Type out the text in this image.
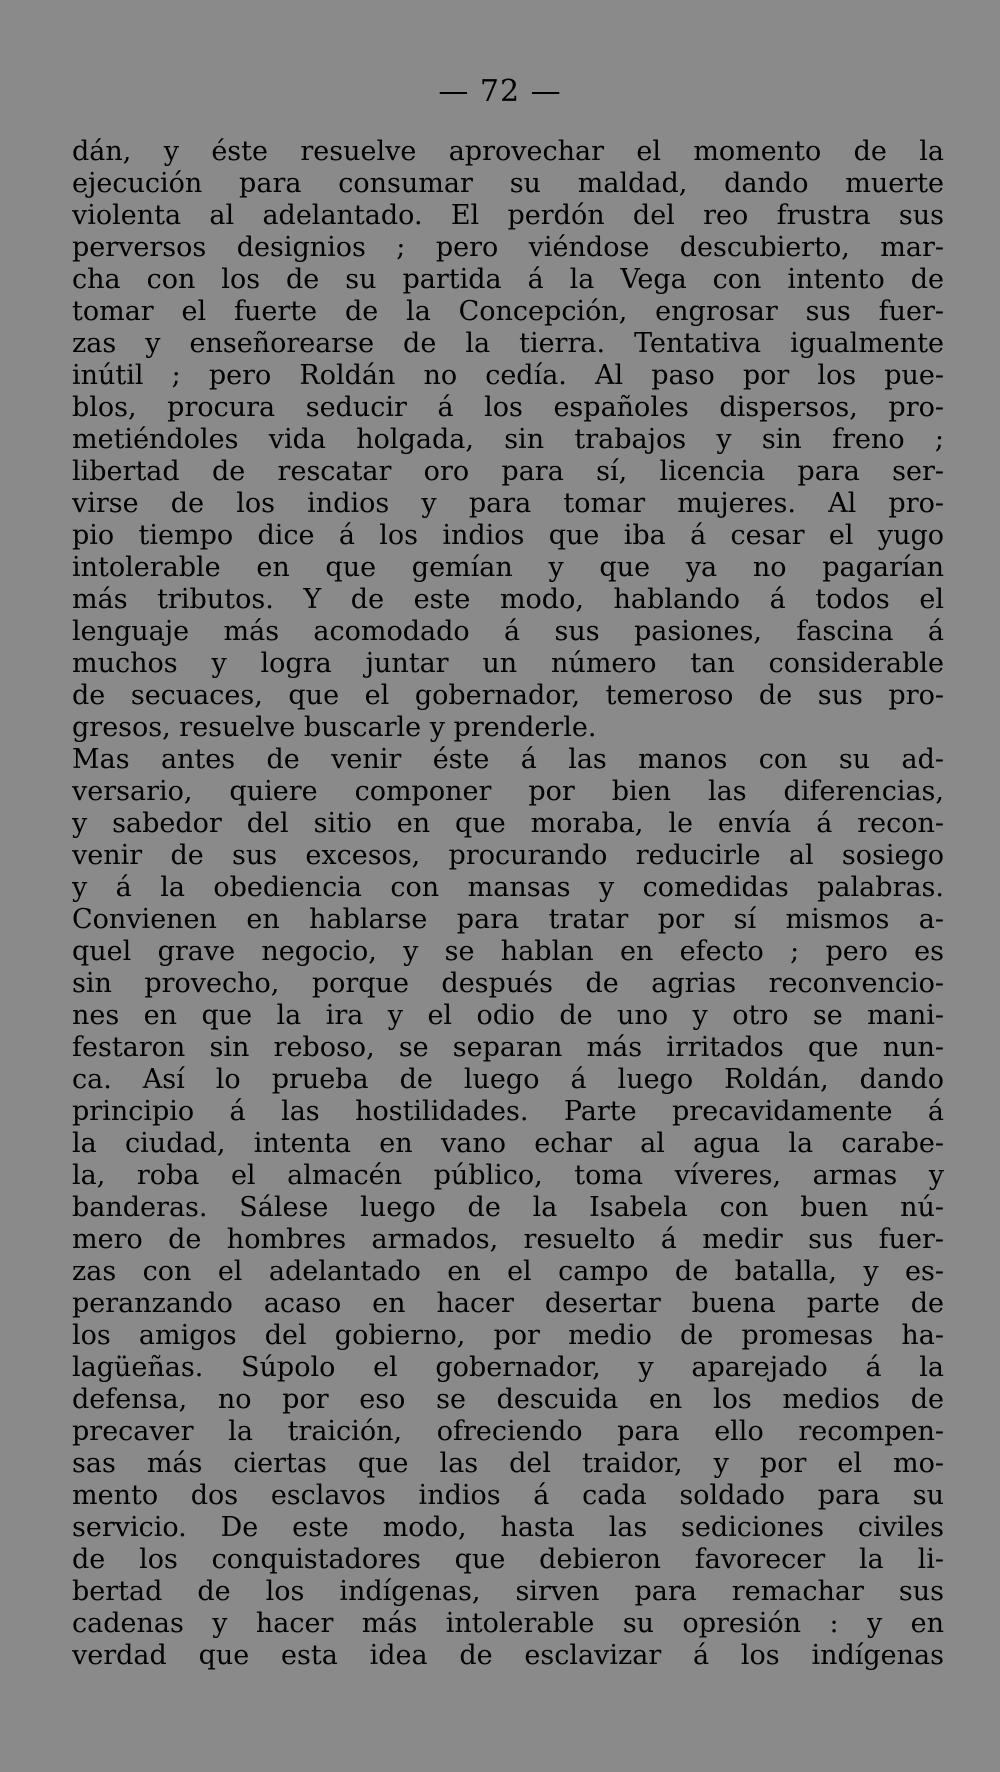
— 72 —
dán, y éste resuelve aprovechar el momento de la
ejecución para consumar su maldad, dando muerte
violenta al adelantado. El perdón del reo frustra sus
perversos designios ; pero viéndose descubierto, mar-
cha con los de su partida á la Vega con intento de
tomar el fuerte de la Concepción, engrosar sus fuer-
zas y enseñorearse de la tierra. Tentativa igualmente
inútil ; pero Roldán no cedía. Al paso por los pue-
blos, procura seducir á los españoles dispersos, pro-
metiéndoles vida holgada, sin trabajos y sin freno ;
libertad de rescatar oro para sí, licencia para ser-
virse de los indios y para tomar mujeres. Al pro-
pio tiempo dice á los indios que iba á cesar el yugo
intolerable en que gemían y que ya no pagarían
más tributos. Y de este modo, hablando á todos el
lenguaje más acomodado á sus pasiones, fascina á
muchos y logra juntar un número tan considerable
de secuaces, que el gobernador, temeroso de sus pro-
gresos, resuelve buscarle y prenderle.
Mas antes de venir éste á las manos con su ad-
versario, quiere componer por bien las diferencias,
y sabedor del sitio en que moraba, le envía á recon-
venir de sus excesos, procurando reducirle al sosiego
y á la obediencia con mansas y comedidas palabras.
Convienen en hablarse para tratar por sí mismos a-
quel grave negocio, y se hablan en efecto ; pero es
sin provecho, porque después de agrias reconvencio-
nes en que la ira y el odio de uno y otro se mani-
festaron sin reboso, se separan más irritados que nun-
ca. Así lo prueba de luego á luego Roldán, dando
principio á las hostilidades. Parte precavidamente á
la ciudad, intenta en vano echar al agua la carabe-
la, roba el almacén público, toma víveres, armas y
banderas. Sálese luego de la Isabela con buen nú-
mero de hombres armados, resuelto á medir sus fuer-
zas con el adelantado en el campo de batalla, y es-
peranzando acaso en hacer desertar buena parte de
los amigos del gobierno, por medio de promesas ha-
lagüeñas. Súpolo el gobernador, y aparejado á la
defensa, no por eso se descuida en los medios de
precaver la traición, ofreciendo para ello recompen-
sas más ciertas que las del traidor, y por el mo-
mento dos esclavos indios á cada soldado para su
servicio. De este modo, hasta las sediciones civiles
de los conquistadores que debieron favorecer la li-
bertad de los indígenas, sirven para remachar sus
cadenas y hacer más intolerable su opresión : y en
verdad que esta idea de esclavizar á los indígenas
